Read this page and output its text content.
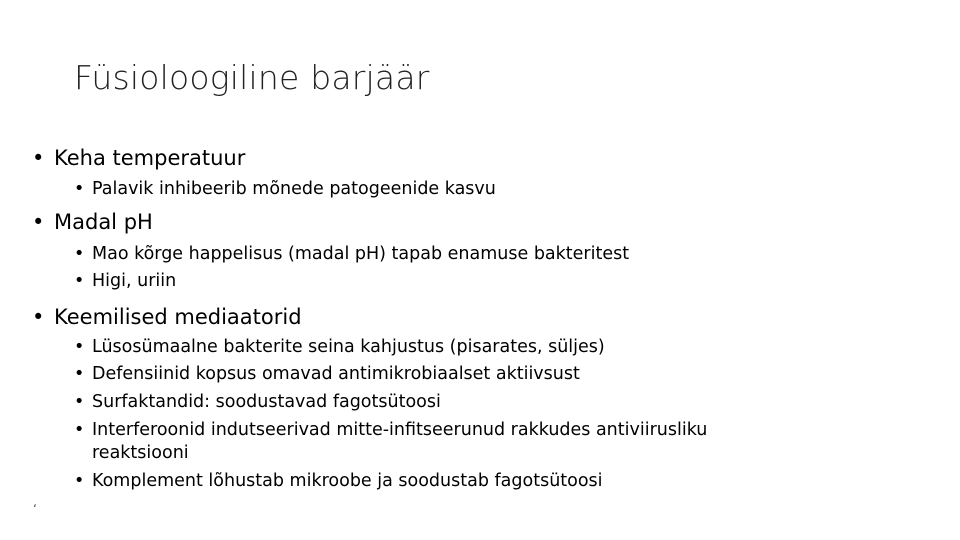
Füsioloogiline barjäär
• Keha temperatuur
• Palavik inhibeerib mõnede patogeenide kasvu
• Madal pH
• Mao kõrge happelisus (madal pH) tapab enamuse bakteritest
• Higi, uriin
• Keemilised mediaatorid
• Lüsosümaalne bakterite seina kahjustus (pisarates, süljes)
• Defensiinid kopsus omavad antimikrobiaalset aktiivsust
• Surfaktandid: soodustavad fagotsütoosi
• Interferoonid indutseerivad mitte-infitseerunud rakkudes antiviirusliku
reaktsiooni
• Komplement lõhustab mikroobe ja soodustab fagotsütoosi
‘
